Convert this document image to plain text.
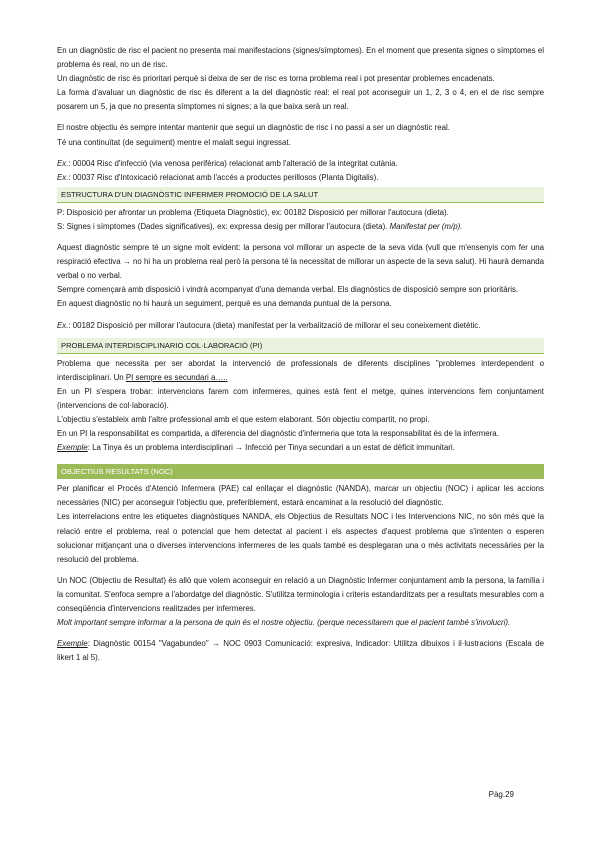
En un diagnòstic de risc el pacient no presenta mai manifestacions (signes/símptomes). En el moment que presenta signes o símptomes el problema és real, no un de risc.

Un diagnòstic de risc és prioritari perquè si deixa de ser de risc es torna problema real i pot presentar problemes encadenats.

La forma d'avaluar un diagnòstic de risc és diferent a la del diagnòstic real: el real pot aconseguir un 1, 2, 3 o 4, en el de risc sempre posarem un 5, ja que no presenta símptomes ni signes; a la que baixa serà un real.

El nostre objectiu és sempre intentar mantenir que segui un diagnòstic de risc i no passi a ser un diagnòstic real.

Té una continuïtat (de seguiment) mentre el malalt segui ingressat.

Ex.: 00004 Risc d'infecció (via venosa perifèrica) relacionat amb l'alteració de la integritat cutània.

Ex.: 00037 Risc d'Intoxicació relacionat amb l'accés a productes perillosos (Planta Digitalis).

ESTRUCTURA D'UN DIAGNÒSTIC INFERMER PROMOCIÓ DE LA SALUT

P: Disposició per afrontar un problema (Etiqueta Diagnòstic), ex: 00182 Disposició per millorar l'autocura (dieta).

S: Signes i símptomes (Dades significatives), ex: expressa desig per millorar l'autocura (dieta). Manifestat per (m/p).

Aquest diagnòstic sempre té un signe molt evident: la persona vol millorar un aspecte de la seva vida (vull que m'ensenyis com fer una respiració efectiva → no hi ha un problema real però la persona té la necessitat de millorar un aspecte de la seva salut). Hi haurà demanda verbal o no verbal.

Sempre començarà amb disposició i vindrà acompanyat d'una demanda verbal. Els diagnòstics de disposició sempre son prioritàris.

En aquest diagnòstic no hi haurà un seguiment, perquè es una demanda puntual de la persona.

Ex.: 00182 Disposició per millorar l'autocura (dieta) manifestat per la verbalització de millorar el seu coneixement dietètic.

PROBLEMA INTERDISCIPLINARIO COL·LABORACIÓ (PI)

Problema que necessita per ser abordat la intervenció de professionals de diferents disciplines "problemes interdependent o interdisciplinari. Un PI sempre es secundari a…..

En un PI s'espera trobar: intervencions farem com infermeres, quines està fent el metge, quines intervencions fem conjuntament (intervencions de col·laboració).

L'objectiu s'estableix amb l'altre professional amb el que estem elaborant. Són objectiu compartit, no propi.

En un PI la responsabilitat es compartida, a diferencia del diagnòstic d'infermeria que tota la responsabilitat és de la infermera.

Exemple: La Tinya és un problema interdisciplinari → Infecció per Tinya secundari a un estat de dèficit immunitari.

OBJECTIUS RESULTATS (NOC)

Per planificar el Procés d'Atenció Infermera (PAE) cal enllaçar el diagnòstic (NANDA), marcar un objectiu (NOC) i aplicar les accions necessàries (NIC) per aconseguir l'objectiu que, preferiblement, estarà encaminat a la resolució del diagnòstic.

Les interrelacions entre les etiquetes diagnòstiques NANDA, els Objectius de Resultats NOC i les Intervencions NIC, no són més que la relació entre el problema, real o potencial que hem detectat al pacient i els aspectes d'aquest problema que s'intenten o esperen solucionar mitjançant una o diverses intervencions infermeres de les quals també es desplegaran una o més activitats necessàries per la resolució del problema.

Un NOC (Objectiu de Resultat) és allò que volem aconseguir en relació a un Diagnòstic Infermer conjuntament amb la persona, la família i la comunitat. S'enfoca sempre a l'abordatge del diagnòstic. S'utilitza terminologia i criteris estandarditzats per a resultats mesurables com a conseqüència d'intervencions realitzades per infermeres.

Molt important sempre informar a la persona de quin és el nostre objectiu. (perque necessitarem que el pacient també s'involucri).

Exemple: Diagnòstic 00154 "Vagabundeo" → NOC 0903 Comunicació: expresiva, Indicador: Utilitza dibuixos i il·lustracions (Escala de likert 1 al 5).

Pàg.29
